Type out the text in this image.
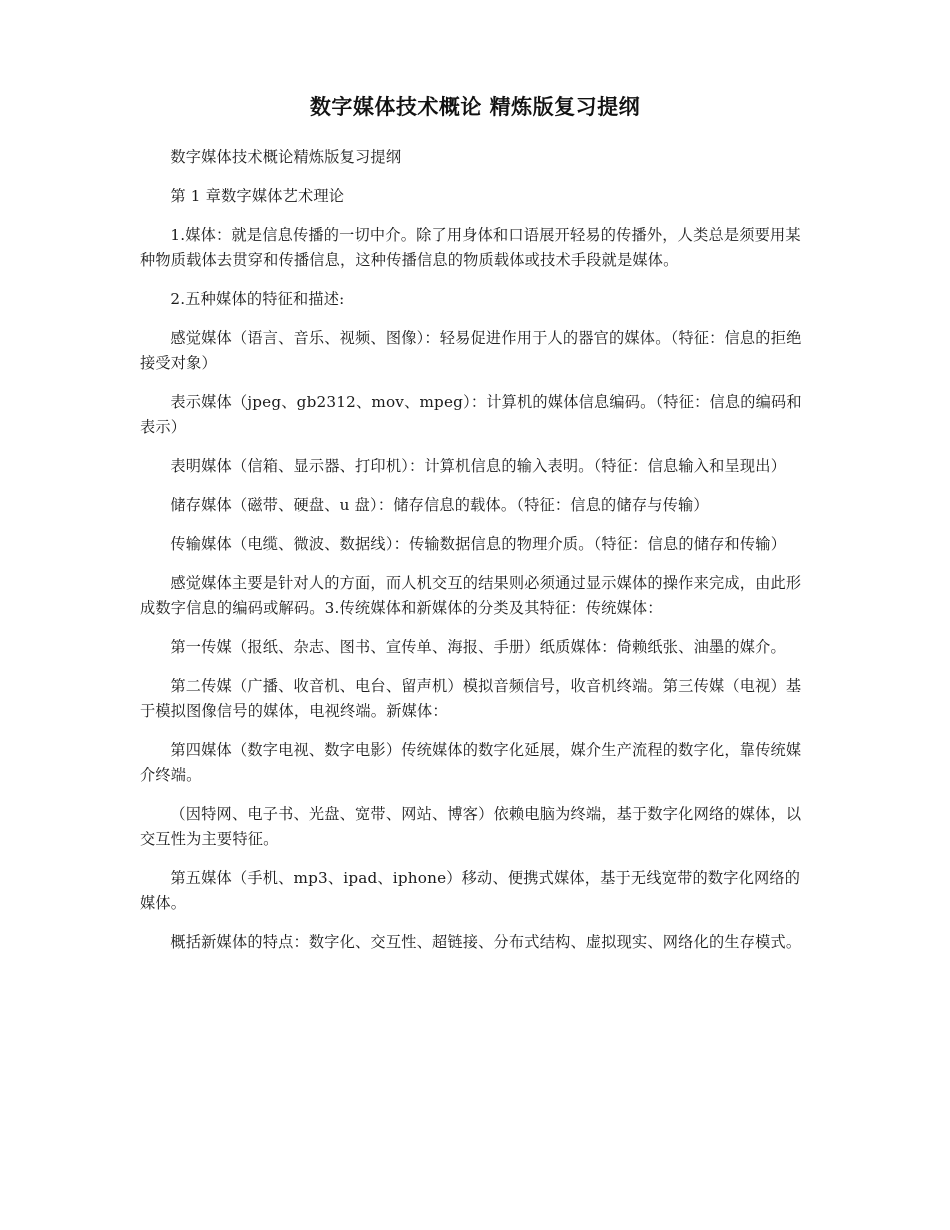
数字媒体技术概论 精炼版复习提纲

数字媒体技术概论精炼版复习提纲

第 1 章数字媒体艺术理论

1.媒体：就是信息传播的一切中介。除了用身体和口语展开轻易的传播外，人类总是须要用某种物质载体去贯穿和传播信息，这种传播信息的物质载体或技术手段就是媒体。

2.五种媒体的特征和描述:

感觉媒体（语言、音乐、视频、图像）：轻易促进作用于人的器官的媒体。（特征：信息的拒绝接受对象）

表示媒体（jpeg、gb2312、mov、mpeg）：计算机的媒体信息编码。（特征：信息的编码和表示）

表明媒体（信箱、显示器、打印机）：计算机信息的输入表明。（特征：信息输入和呈现出）

储存媒体（磁带、硬盘、u 盘）：储存信息的载体。（特征：信息的储存与传输）

传输媒体（电缆、微波、数据线）：传输数据信息的物理介质。（特征：信息的储存和传输）

感觉媒体主要是针对人的方面，而人机交互的结果则必须通过显示媒体的操作来完成，由此形成数字信息的编码或解码。3.传统媒体和新媒体的分类及其特征：传统媒体：

第一传媒（报纸、杂志、图书、宣传单、海报、手册）纸质媒体：倚赖纸张、油墨的媒介。

第二传媒（广播、收音机、电台、留声机）模拟音频信号，收音机终端。第三传媒（电视）基于模拟图像信号的媒体，电视终端。新媒体：

第四媒体（数字电视、数字电影）传统媒体的数字化延展，媒介生产流程的数字化，靠传统媒介终端。

（因特网、电子书、光盘、宽带、网站、博客）依赖电脑为终端，基于数字化网络的媒体，以交互性为主要特征。

第五媒体（手机、mp3、ipad、iphone）移动、便携式媒体，基于无线宽带的数字化网络的媒体。

概括新媒体的特点：数字化、交互性、超链接、分布式结构、虚拟现实、网络化的生存模式。
